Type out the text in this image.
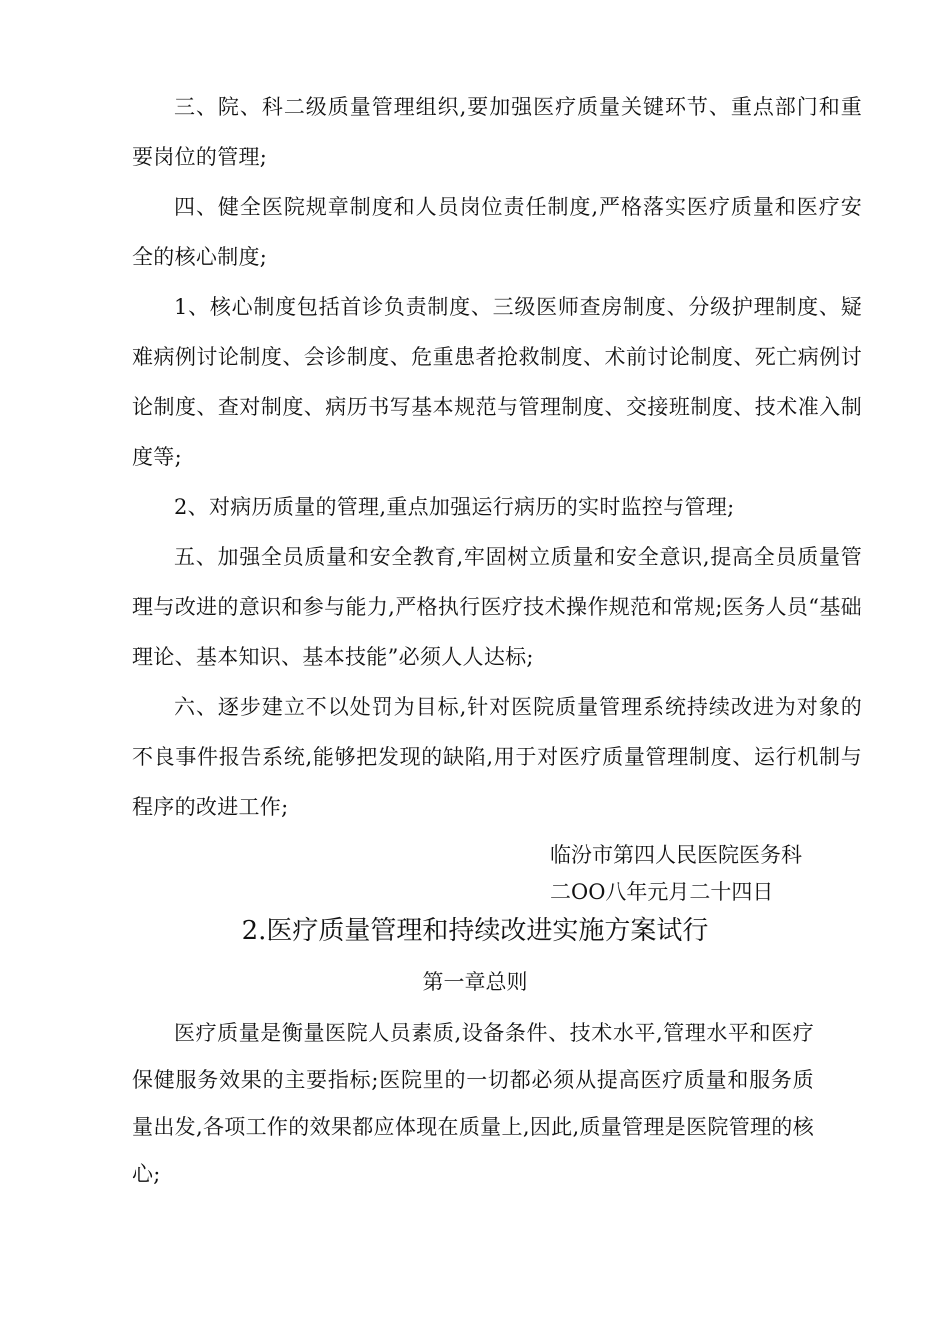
三、院、科二级质量管理组织,要加强医疗质量关键环节、重点部门和重要岗位的管理;

四、健全医院规章制度和人员岗位责任制度,严格落实医疗质量和医疗安全的核心制度;

1、核心制度包括首诊负责制度、三级医师查房制度、分级护理制度、疑难病例讨论制度、会诊制度、危重患者抢救制度、术前讨论制度、死亡病例讨论制度、查对制度、病历书写基本规范与管理制度、交接班制度、技术准入制度等;

2、对病历质量的管理,重点加强运行病历的实时监控与管理;

五、加强全员质量和安全教育,牢固树立质量和安全意识,提高全员质量管理与改进的意识和参与能力,严格执行医疗技术操作规范和常规;医务人员“基础理论、基本知识、基本技能”必须人人达标;

六、逐步建立不以处罚为目标,针对医院质量管理系统持续改进为对象的不良事件报告系统,能够把发现的缺陷,用于对医疗质量管理制度、运行机制与程序的改进工作;

临汾市第四人民医院医务科

二OO八年元月二十四日

2.医疗质量管理和持续改进实施方案试行
第一章总则

医疗质量是衡量医院人员素质,设备条件、技术水平,管理水平和医疗保健服务效果的主要指标;医院里的一切都必须从提高医疗质量和服务质量出发,各项工作的效果都应体现在质量上,因此,质量管理是医院管理的核心;
